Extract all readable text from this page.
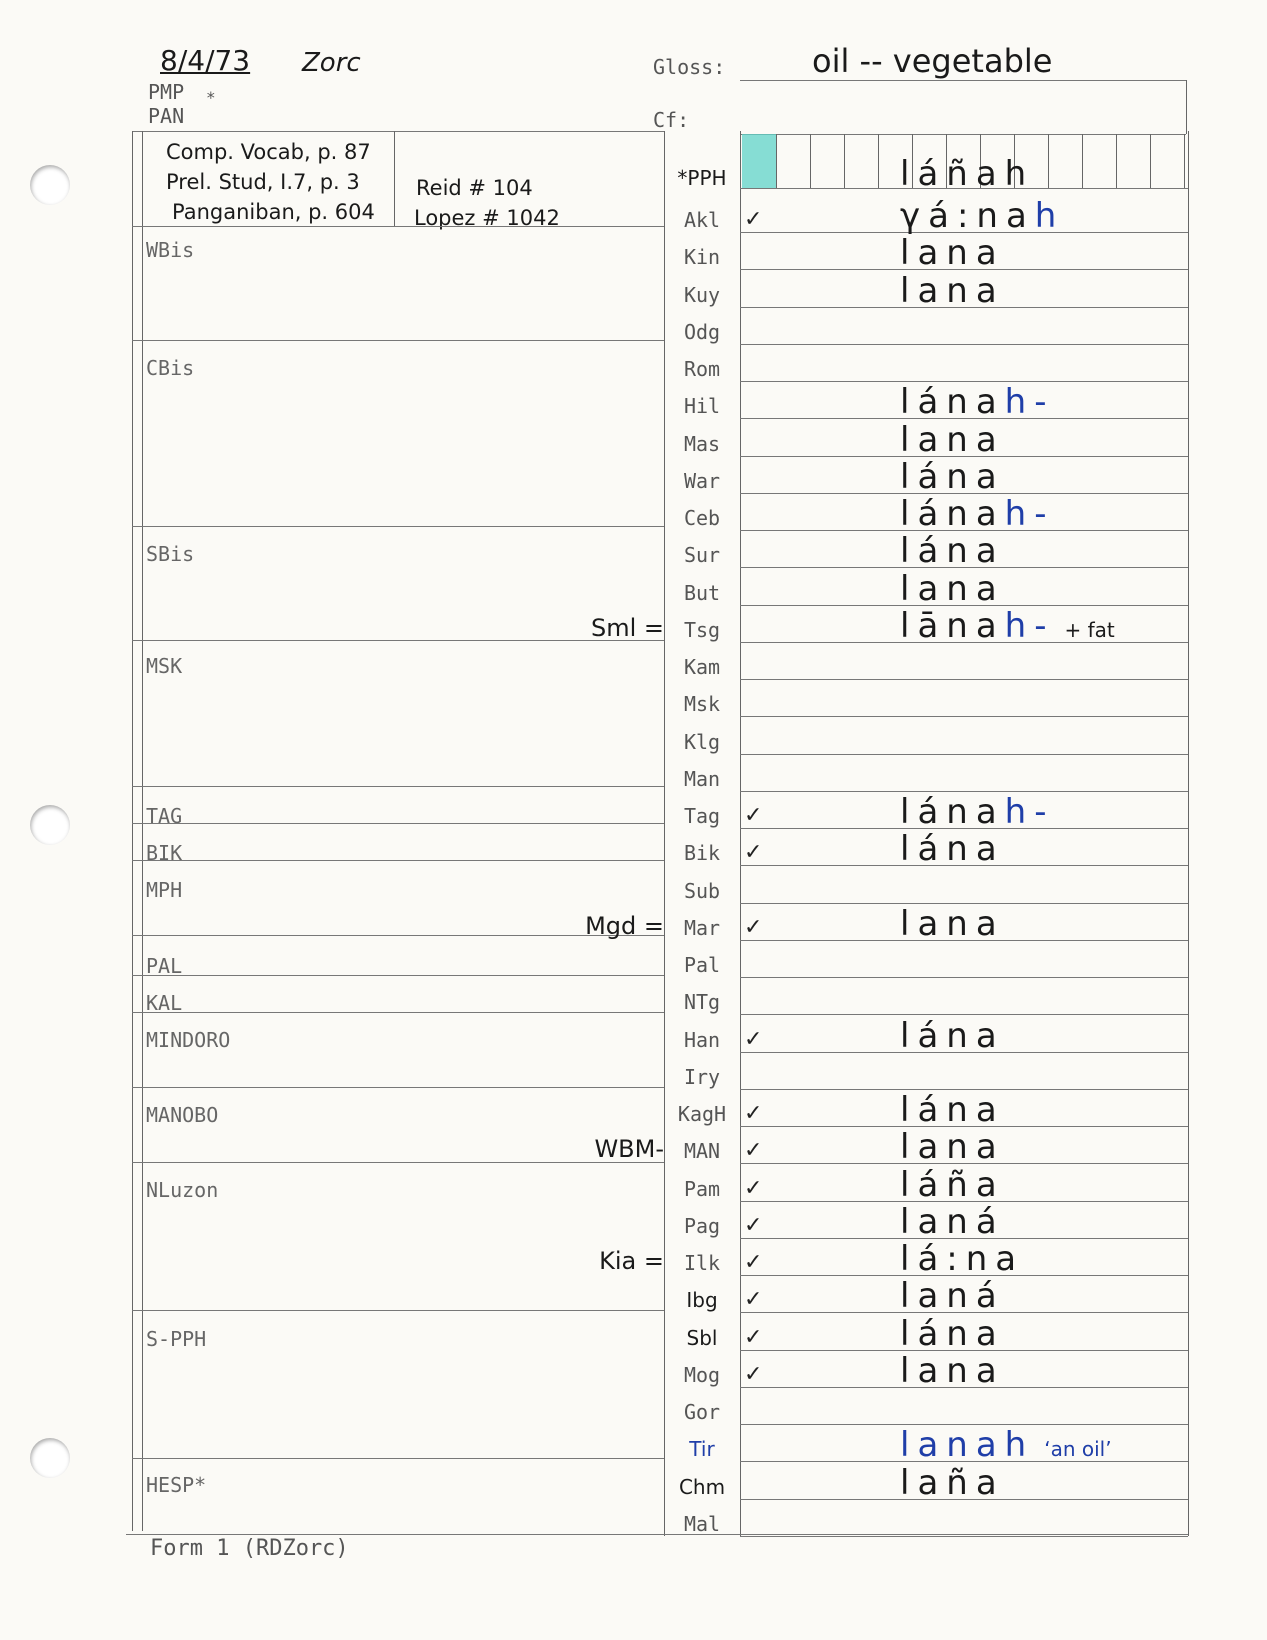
8/4/73 Zorc
PMP *
PAN
Gloss:	oil -- vegetable
Cf:
Comp. Vocab, p. 87
Prel. Stud, I.7, p. 3
Panganiban, p. 604
Reid # 104
Lopez # 1042
WBis
CBis
SBis
MSK
TAG
BIK
MPH
PAL
KAL
MINDORO
MANOBO
NLuzon
S-PPH
HESP*
*PPH	láñah
Akl	✓	γá:nah
Kin	lana
Kuy	lana
Odg
Rom
Hil	lánah-
Mas	lana
War	lána
Ceb	lánah-
Sur	lána
But	lana
Tsg	lānah- + fat
Sml =
Kam
Msk
Klg
Man
Tag	✓	lánah-
Bik	✓	lána
Sub
Mar	✓	lana
Mgd =
Pal
NTg
Han	✓	lána
Iry
KagH ✓	lána
MAN	✓	lana
WBM-
Pam	✓	láña
Pag	✓	laná
Ilk	✓	lá:na
Kia =
Ibg	✓	laná
Sbl	✓	lána
Mog	✓	lana
Gor
Tir	lanah ‘an oil’
Chm	laña
Mal
Form 1 (RDZorc)
